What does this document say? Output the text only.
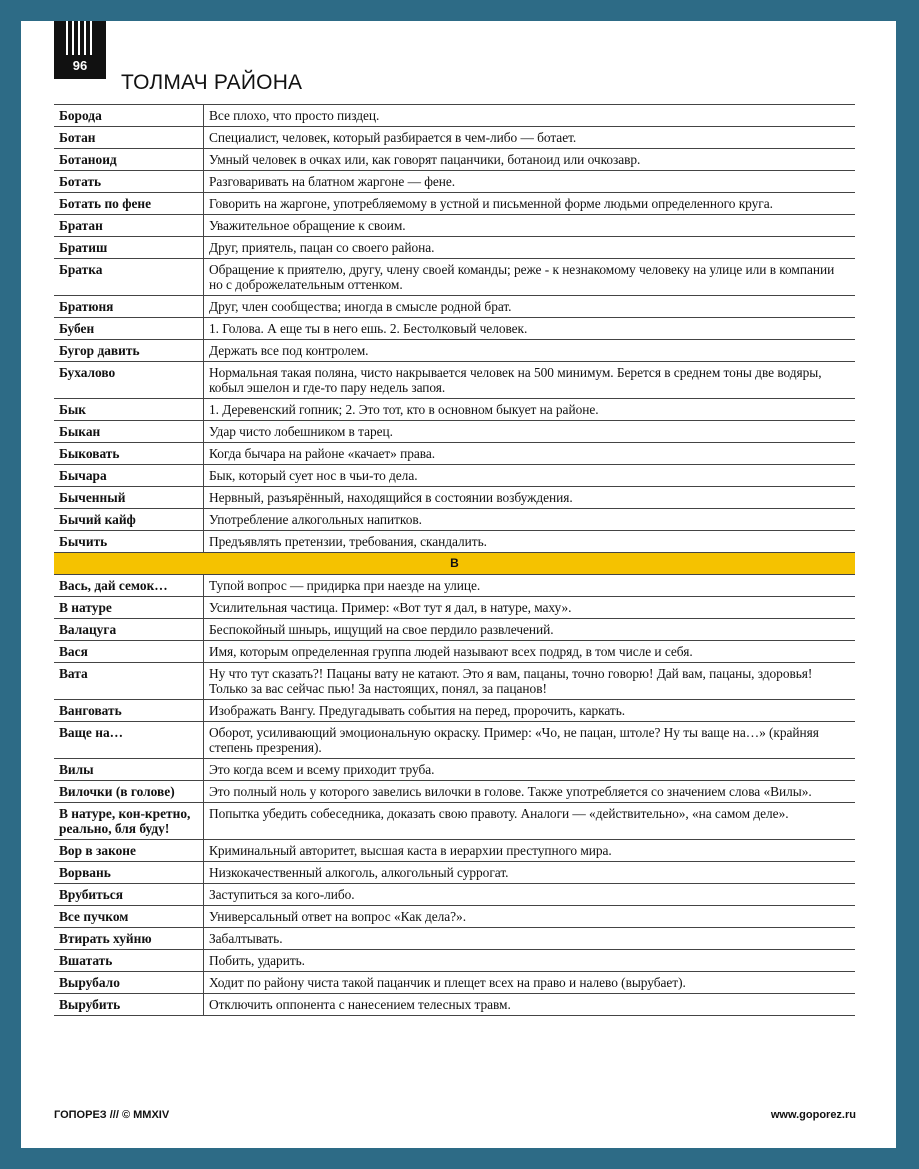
96
ТОЛМАЧ РАЙОНА
Борода	Все плохо, что просто пиздец.
Ботан	Специалист, человек, который разбирается в чем-либо — ботает.
Ботаноид	Умный человек в очках или, как говорят пацанчики, ботаноид или очкозавр.
Ботать	Разговаривать на блатном жаргоне — фене.
Ботать по фене	Говорить на жаргоне, употребляемому в устной и письменной форме людьми определенного круга.
Братан	Уважительное обращение к своим.
Братиш	Друг, приятель, пацан со своего района.
Братка	Обращение к приятелю, другу, члену своей команды; реже - к незнакомому человеку на улице или в компании но с доброжелательным оттенком.
Братюня	Друг, член сообщества; иногда в смысле родной брат.
Бубен	1. Голова. А еще ты в него ешь. 2. Бестолковый человек.
Бугор давить	Держать все под контролем.
Бухалово	Нормальная такая поляна, чисто накрывается человек на 500 минимум. Берется в среднем тоны две водяры, кобыл эшелон и где-то пару недель запоя.
Бык	1. Деревенский гопник; 2. Это тот, кто в основном быкует на районе.
Быкан	Удар чисто лобешником в тарец.
Быковать	Когда бычара на районе «качает» права.
Бычара	Бык, который сует нос в чьи-то дела.
Быченный	Нервный, разъярённый, находящийся в состоянии возбуждения.
Бычий кайф	Употребление алкогольных напитков.
Бычить	Предъявлять претензии, требования, скандалить.
В	
Вась, дай семок…	Тупой вопрос — придирка при наезде на улице.
В натуре	Усилительная частица. Пример: «Вот тут я дал, в натуре, маху».
Валацуга	Беспокойный шнырь, ищущий на свое пердило развлечений.
Вася	Имя, которым определенная группа людей называют всех подряд, в том числе и себя.
Вата	Ну что тут сказать?! Пацаны вату не катают. Это я вам, пацаны, точно говорю! Дай вам, пацаны, здоровья! Только за вас сейчас пью! За настоящих, понял, за пацанов!
Ванговать	Изображать Вангу. Предугадывать события на перед, пророчить, каркать.
Ваще на…	Оборот, усиливающий эмоциональную окраску. Пример: «Чо, не пацан, штоле? Ну ты ваще на…» (крайняя степень презрения).
Вилы	Это когда всем и всему приходит труба.
Вилочки (в голове)	Это полный ноль у которого завелись вилочки в голове. Также употребляется со значением слова «Вилы».
В натуре, кон-кретно, реально, бля буду!	Попытка убедить собеседника, доказать свою правоту. Аналоги — «действительно», «на самом деле».
Вор в законе	Криминальный авторитет, высшая каста в иерархии преступного мира.
Ворвань	Низкокачественный алкоголь, алкогольный суррогат.
Врубиться	Заступиться за кого-либо.
Все пучком	Универсальный ответ на вопрос «Как дела?».
Втирать хуйню	Забалтывать.
Вшатать	Побить, ударить.
Вырубало	Ходит по району чиста такой пацанчик и плещет всех на право и налево (вырубает).
Вырубить	Отключить оппонента с нанесением телесных травм.
ГОПОРЕЗ /// © MMXIV	www.goporez.ru
